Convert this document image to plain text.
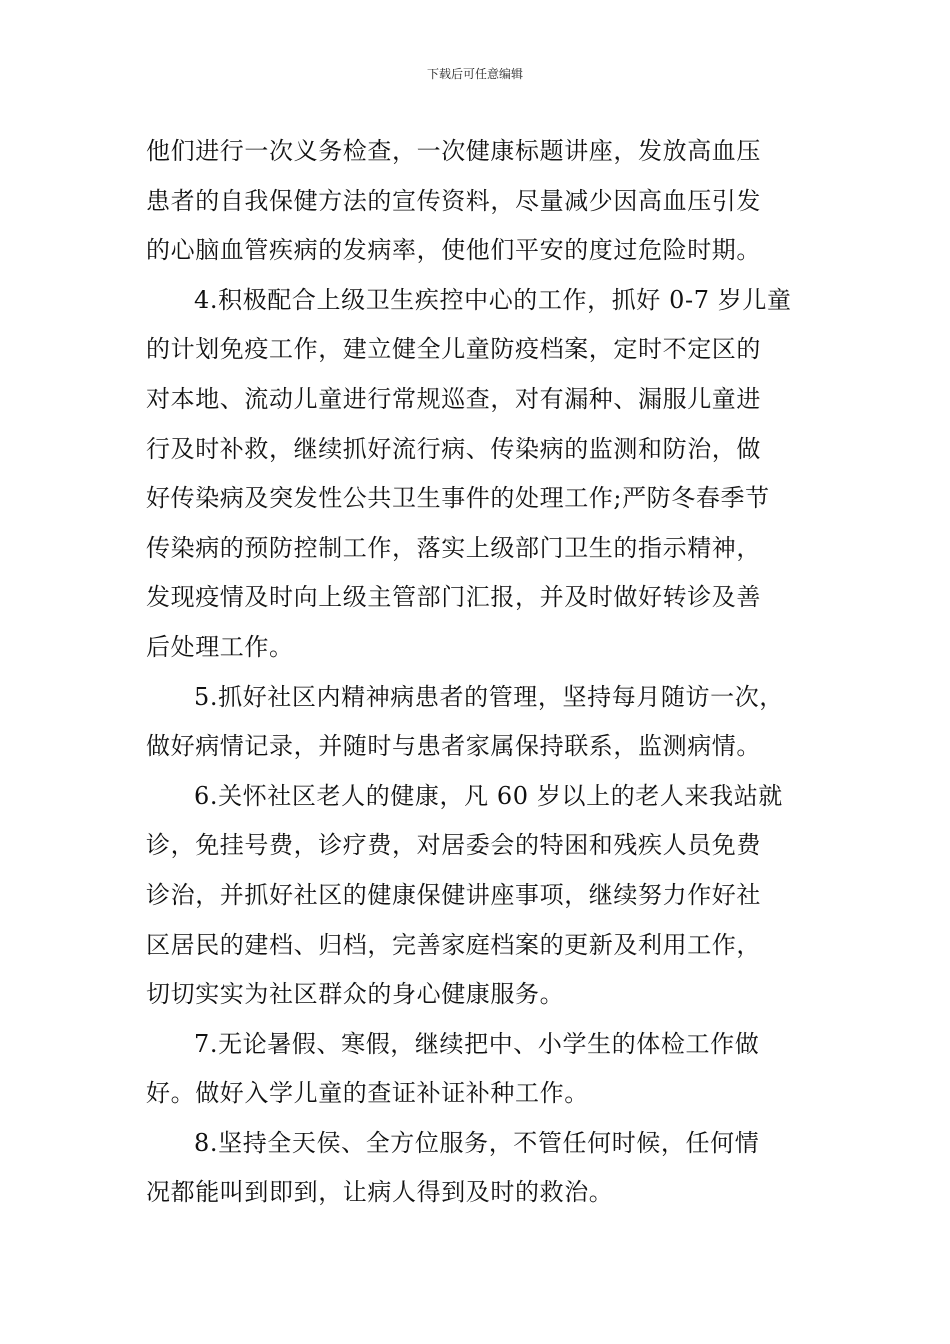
下载后可任意编辑
他们进行一次义务检查，一次健康标题讲座，发放高血压
患者的自我保健方法的宣传资料，尽量减少因高血压引发
的心脑血管疾病的发病率，使他们平安的度过危险时期。
4.积极配合上级卫生疾控中心的工作，抓好 0-7 岁儿童
的计划免疫工作，建立健全儿童防疫档案，定时不定区的
对本地、流动儿童进行常规巡查，对有漏种、漏服儿童进
行及时补救，继续抓好流行病、传染病的监测和防治，做
好传染病及突发性公共卫生事件的处理工作;严防冬春季节
传染病的预防控制工作，落实上级部门卫生的指示精神，
发现疫情及时向上级主管部门汇报，并及时做好转诊及善
后处理工作。
5.抓好社区内精神病患者的管理，坚持每月随访一次，
做好病情记录，并随时与患者家属保持联系，监测病情。
6.关怀社区老人的健康，凡 60 岁以上的老人来我站就
诊，免挂号费，诊疗费，对居委会的特困和残疾人员免费
诊治，并抓好社区的健康保健讲座事项，继续努力作好社
区居民的建档、归档，完善家庭档案的更新及利用工作，
切切实实为社区群众的身心健康服务。
7.无论暑假、寒假，继续把中、小学生的体检工作做
好。做好入学儿童的查证补证补种工作。
8.坚持全天侯、全方位服务，不管任何时候，任何情
况都能叫到即到，让病人得到及时的救治。
